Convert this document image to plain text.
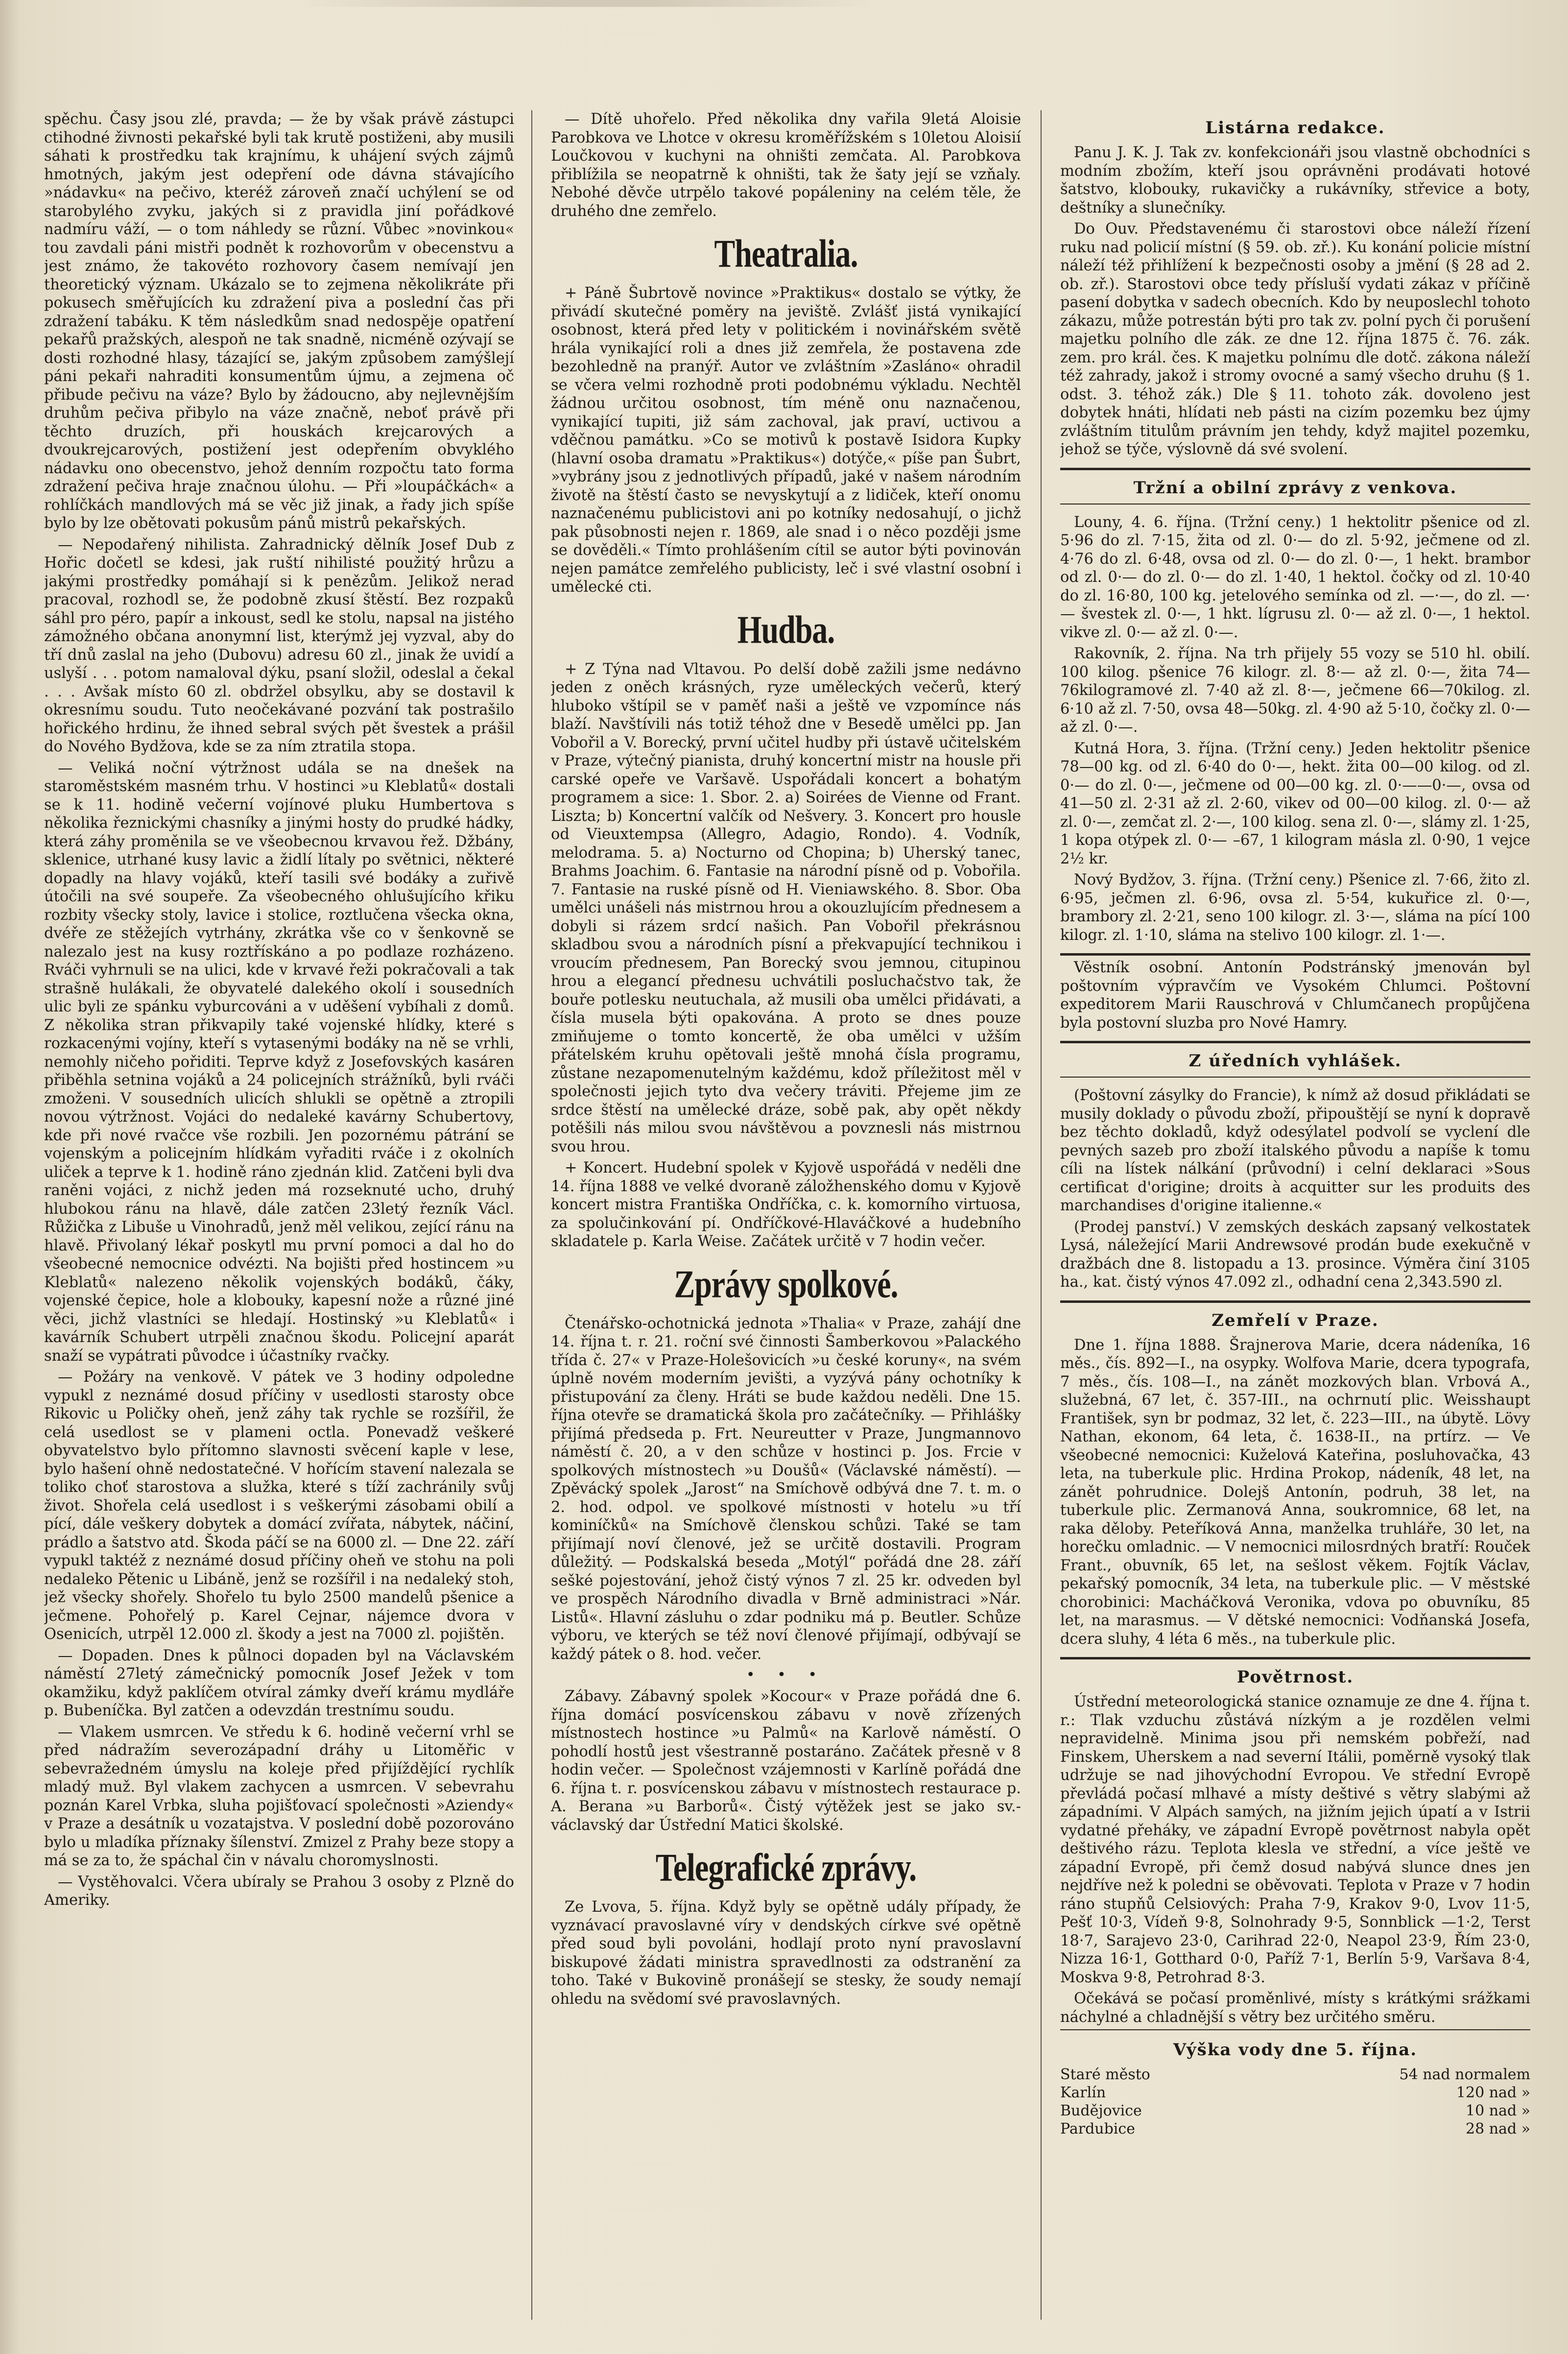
spěchu. Časy jsou zlé, pravda; — že by však právě zástupci ctihodné živnosti pekařské byli tak krutě postiženi, aby musili sáhati k prostředku tak krajnímu, k uhájení svých zájmů hmotných, jakým jest odepření ode dávna stávajícího »nádavku« na pečivo, kteréž zároveň značí uchýlení se od starobylého zvyku, jakých si z pravidla jiní pořádkové nadmíru váží, — o tom náhledy se různí. Vůbec »novinkou« tou zavdali páni mistři podnět k rozhovorům v obecenstvu a jest známo, že takovéto rozhovory časem nemívají jen theoretický význam. Ukázalo se to zejmena několikráte při pokusech směřujících ku zdražení piva a poslední čas při zdražení tabáku. K těm následkům snad nedospěje opatření pekařů pražských, alespoň ne tak snadně, nicméně ozývají se dosti rozhodné hlasy, tázající se, jakým způsobem zamýšlejí páni pekaři nahraditi konsumentům újmu, a zejmena oč přibude pečivu na váze? Bylo by žádoucno, aby nejlevnějším druhům pečiva přibylo na váze značně, neboť právě při těchto druzích, při houskách krejcarových a dvoukrejcarových, postižení jest odepřením obvyklého nádavku ono obecenstvo, jehož denním rozpočtu tato forma zdražení pečiva hraje značnou úlohu. — Při »loupáčkách« a rohlíčkách mandlových má se věc již jinak, a řady jich spíše bylo by lze obětovati pokusům pánů mistrů pekařských.

— Nepodařený nihilista. Zahradnický dělník Josef Dub z Hořic dočetl se kdesi, jak ruští nihilisté použitý hrůzu a jakými prostředky pomáhají si k penězům. Jelikož nerad pracoval, rozhodl se, že podobně zkusí štěstí. Bez rozpaků sáhl pro péro, papír a inkoust, sedl ke stolu, napsal na jistého zámožného občana anonymní list, kterýmž jej vyzval, aby do tří dnů zaslal na jeho (Dubovu) adresu 60 zl., jinak že uvidí a uslyší . . . potom namaloval dýku, psaní složil, odeslal a čekal . . . Avšak místo 60 zl. obdržel obsylku, aby se dostavil k okresnímu soudu. Tuto neočekávané pozvání tak postrašilo hořického hrdinu, že ihned sebral svých pět švestek a prášil do Nového Bydžova, kde se za ním ztratila stopa.

— Veliká noční výtržnost udála se na dnešek na staroměstském masném trhu. V hostinci »u Kleblatů« dostali se k 11. hodině večerní vojínové pluku Humbertova s několika řeznickými chasníky a jinými hosty do prudké hádky, která záhy proměnila se ve všeobecnou krvavou řež. Džbány, sklenice, utrhané kusy lavic a židlí lítaly po světnici, některé dopadly na hlavy vojáků, kteří tasili své bodáky a zuřivě útočili na své soupeře. Za všeobecného ohlušujícího křiku rozbity všecky stoly, lavice i stolice, roztlučena všecka okna, dvéře ze stěžejích vytrhány, zkrátka vše co v šenkovně se nalezalo jest na kusy roztřískáno a po podlaze rozházeno. Rváči vyhrnuli se na ulici, kde v krvavé řeži pokračovali a tak strašně hulákali, že obyvatelé dalekého okolí i sousedních ulic byli ze spánku vyburcováni a v uděšení vybíhali z domů. Z několika stran přikvapily také vojenské hlídky, které s rozkacenými vojíny, kteří s vytasenými bodáky na ně se vrhli, nemohly ničeho pořiditi. Teprve když z Josefovských kasáren přiběhla setnina vojáků a 24 policejních strážníků, byli rváči zmoženi. V sousedních ulicích shlukli se opětně a ztropili novou výtržnost. Vojáci do nedaleké kavárny Schubertovy, kde při nové rvačce vše rozbili. Jen pozornému pátrání se vojenským a policejním hlídkám vyřaditi rváče i z okolních uliček a teprve k 1. hodině ráno zjednán klid. Zatčeni byli dva raněni vojáci, z nichž jeden má rozseknuté ucho, druhý hlubokou ránu na hlavě, dále zatčen 23letý řezník Václ. Růžička z Libuše u Vinohradů, jenž měl velikou, zející ránu na hlavě. Přivolaný lékař poskytl mu první pomoci a dal ho do všeobecné nemocnice odvézti. Na bojišti před hostincem »u Kleblatů« nalezeno několik vojenských bodáků, čáky, vojenské čepice, hole a klobouky, kapesní nože a různé jiné věci, jichž vlastníci se hledají. Hostinský »u Kleblatů« i kavárník Schubert utrpěli značnou škodu. Policejní aparát snaží se vypátrati původce i účastníky rvačky.

— Požáry na venkově. V pátek ve 3 hodiny odpoledne vypukl z neznámé dosud příčiny v usedlosti starosty obce Rikovic u Poličky oheň, jenž záhy tak rychle se rozšířil, že celá usedlost se v plameni octla. Ponevadž veškeré obyvatelstvo bylo přítomno slavnosti svěcení kaple v lese, bylo hašení ohně nedostatečné. V hořícím stavení nalezala se toliko choť starostova a služka, které s tíží zachránily svůj život. Shořela celá usedlost i s veškerými zásobami obilí a pící, dále veškery dobytek a domácí zvířata, nábytek, náčiní, prádlo a šatstvo atd. Škoda páčí se na 6000 zl. — Dne 22. září vypukl taktéž z neznámé dosud příčiny oheň ve stohu na poli nedaleko Pětenic u Libáně, jenž se rozšířil i na nedaleký stoh, jež všecky shořely. Shořelo tu bylo 2500 mandelů pšenice a ječmene. Pohořelý p. Karel Cejnar, nájemce dvora v Osenicích, utrpěl 12.000 zl. škody a jest na 7000 zl. pojištěn.

— Dopaden. Dnes k půlnoci dopaden byl na Václavském náměstí 27letý zámečnický pomocník Josef Ježek v tom okamžiku, když paklíčem otvíral zámky dveří krámu mydláře p. Bubeníčka. Byl zatčen a odevzdán trestnímu soudu.

— Vlakem usmrcen. Ve středu k 6. hodině večerní vrhl se před nádražím severozápadní dráhy u Litoměřic v sebevražedném úmyslu na koleje před přijíždějící rychlík mladý muž. Byl vlakem zachycen a usmrcen. V sebevrahu poznán Karel Vrbka, sluha pojišťovací společnosti »Aziendy« v Praze a desátník u vozatajstva. V poslední době pozorováno bylo u mladíka příznaky šílenství. Zmizel z Prahy beze stopy a má se za to, že spáchal čin v návalu choromyslnosti.

— Vystěhovalci. Včera ubíraly se Prahou 3 osoby z Plzně do Ameriky.

— Dítě uhořelo. Před několika dny vařila 9letá Aloisie Parobkova ve Lhotce v okresu kroměřížském s 10letou Aloisií Loučkovou v kuchyni na ohništi zemčata. Al. Parobkova přiblížila se neopatrně k ohništi, tak že šaty její se vzňaly. Nebohé děvče utrpělo takové popáleniny na celém těle, že druhého dne zemřelo.

Theatralia.

+ Páně Šubrtově novince »Praktikus« dostalo se výtky, že přivádí skutečné poměry na jeviště. Zvlášť jistá vynikající osobnost, která před lety v politickém i novinářském světě hrála vynikající roli a dnes již zemřela, že postavena zde bezohledně na pranýř. Autor ve zvláštním »Zasláno« ohradil se včera velmi rozhodně proti podobnému výkladu. Nechtěl žádnou určitou osobnost, tím méně onu naznačenou, vynikající tupiti, již sám zachoval, jak praví, uctivou a vděčnou památku. »Co se motivů k postavě Isidora Kupky (hlavní osoba dramatu »Praktikus«) dotýče,« píše pan Šubrt, »vybrány jsou z jednotlivých případů, jaké v našem národním životě na štěstí často se nevyskytují a z lidiček, kteří onomu naznačenému publicistovi ani po kotníky nedosahují, o jichž pak působnosti nejen r. 1869, ale snad i o něco později jsme se dověděli.« Tímto prohlášením cítil se autor býti povinován nejen památce zemřelého publicisty, leč i své vlastní osobní i umělecké cti.

Hudba.

+ Z Týna nad Vltavou. Po delší době zažili jsme nedávno jeden z oněch krásných, ryze uměleckých večerů, který hluboko vštípil se v paměť naši a ještě ve vzpomínce nás blaží. Navštívili nás totiž téhož dne v Besedě umělci pp. Jan Vobořil a V. Borecký, první učitel hudby při ústavě učitelském v Praze, výtečný pianista, druhý koncertní mistr na housle při carské opeře ve Varšavě. Uspořádali koncert a bohatým programem a sice: 1. Sbor. 2. a) Soirées de Vienne od Frant. Liszta; b) Koncertní valčík od Nešvery. 3. Koncert pro housle od Vieuxtempsa (Allegro, Adagio, Rondo). 4. Vodník, melodrama. 5. a) Nocturno od Chopina; b) Uherský tanec, Brahms Joachim. 6. Fantasie na národní písně od p. Vobořila. 7. Fantasie na ruské písně od H. Vieniawského. 8. Sbor. Oba umělci unášeli nás mistrnou hrou a okouzlujícím přednesem a dobyli si rázem srdcí našich. Pan Vobořil překrásnou skladbou svou a národních písní a překvapující technikou i vroucím přednesem, Pan Borecký svou jemnou, citupinou hrou a elegancí přednesu uchvátili posluchačstvo tak, že bouře potlesku neutuchala, až musili oba umělci přidávati, a čísla musela býti opakována. A proto se dnes pouze zmiňujeme o tomto koncertě, že oba umělci v užším přátelském kruhu opětovali ještě mnohá čísla programu, zůstane nezapomenutelným každému, kdož příležitost měl v společnosti jejich tyto dva večery tráviti. Přejeme jim ze srdce štěstí na umělecké dráze, sobě pak, aby opět někdy potěšili nás milou svou návštěvou a povznesli nás mistrnou svou hrou.

+ Koncert. Hudební spolek v Kyjově uspořádá v neděli dne 14. října 1888 ve velké dvoraně záložhenského domu v Kyjově koncert mistra Františka Ondříčka, c. k. komorního virtuosa, za spolučinkování pí. Ondříčkové-Hlaváčkové a hudebního skladatele p. Karla Weise. Začátek určitě v 7 hodin večer.

Zprávy spolkové.

Čtenářsko-ochotnická jednota »Thalia« v Praze, zahájí dne 14. října t. r. 21. roční své činnosti Šamberkovou »Palackého třída č. 27« v Praze-Holešovicích »u české koruny«, na svém úplně novém moderním jevišti, a vyzývá pány ochotníky k přistupování za členy. Hráti se bude každou neděli. Dne 15. října otevře se dramatická škola pro začátečníky. — Přihlášky přijímá předseda p. Frt. Neureutter v Praze, Jungmannovo náměstí č. 20, a v den schůze v hostinci p. Jos. Frcie v spolkových místnostech »u Doušů« (Václavské náměstí). — Zpěvácký spolek „Jarost“ na Smíchově odbývá dne 7. t. m. o 2. hod. odpol. ve spolkové místnosti v hotelu »u tří kominíčků« na Smíchově členskou schůzi. Také se tam přijímají noví členové, jež se určitě dostavili. Program důležitý. — Podskalská beseda „Motýl“ pořádá dne 28. září sešké pojestování, jehož čistý výnos 7 zl. 25 kr. odveden byl ve prospěch Národního divadla v Brně administraci »Nár. Listů«. Hlavní zásluhu o zdar podniku má p. Beutler. Schůze výboru, ve kterých se též noví členové přijímají, odbývají se každý pátek o 8. hod. večer.

• • •

Zábavy. Zábavný spolek »Kocour« v Praze pořádá dne 6. října domácí posvícenskou zábavu v nově zřízených místnostech hostince »u Palmů« na Karlově náměstí. O pohodlí hostů jest všestranně postaráno. Začátek přesně v 8 hodin večer. — Společnost vzájemnosti v Karlíně pořádá dne 6. října t. r. posvícenskou zábavu v místnostech restaurace p. A. Berana »u Barborů«. Čistý výtěžek jest se jako sv.-václavský dar Ústřední Matici školské.

Telegrafické zprávy.

Ze Lvova, 5. října. Když byly se opětně udály případy, že vyznávací pravoslavné víry v dendských církve své opětně před soud byli povoláni, hodlají proto nyní pravoslavní biskupové žádati ministra spravedlnosti za odstranění za toho. Také v Bukovině pronášejí se stesky, že soudy nemají ohledu na svědomí své pravoslavných.

Listárna redakce.

Panu J. K. J. Tak zv. konfekcionáři jsou vlastně obchodníci s modním zbožím, kteří jsou oprávněni prodávati hotové šatstvo, klobouky, rukavičky a rukávníky, střevice a boty, deštníky a slunečníky.

Do Ouv. Představenému či starostovi obce náleží řízení ruku nad policií místní (§ 59. ob. zř.). Ku konání policie místní náleží též přihlížení k bezpečnosti osoby a jmění (§ 28 ad 2. ob. zř.). Starostovi obce tedy přísluší vydati zákaz v příčině pasení dobytka v sadech obecních. Kdo by neuposlechl tohoto zákazu, může potrestán býti pro tak zv. polní pych či porušení majetku polního dle zák. ze dne 12. října 1875 č. 76. zák. zem. pro král. čes. K majetku polnímu dle dotč. zákona náleží též zahrady, jakož i stromy ovocné a samý všecho druhu (§ 1. odst. 3. téhož zák.) Dle § 11. tohoto zák. dovoleno jest dobytek hnáti, hlídati neb pásti na cizím pozemku bez újmy zvláštním titulům právním jen tehdy, když majitel pozemku, jehož se týče, výslovně dá své svolení.

Tržní a obilní zprávy z venkova.

Louny, 4. 6. října. (Tržní ceny.) 1 hektolitr pšenice od zl. 5·96 do zl. 7·15, žita od zl. 0·— do zl. 5·92, ječmene od zl. 4·76 do zl. 6·48, ovsa od zl. 0·— do zl. 0·—, 1 hekt. brambor od zl. 0·— do zl. 0·— do zl. 1·40, 1 hektol. čočky od zl. 10·40 do zl. 16·80, 100 kg. jetelového semínka od zl. —·—, do zl. —·— švestek zl. 0·—, 1 hkt. lígrusu zl. 0·— až zl. 0·—, 1 hektol. vikve zl. 0·— až zl. 0·—.

Rakovník, 2. října. Na trh přijely 55 vozy se 510 hl. obilí. 100 kilog. pšenice 76 kilogr. zl. 8·— až zl. 0·—, žita 74—76kilogramové zl. 7·40 až zl. 8·—, ječmene 66—70kilog. zl. 6·10 až zl. 7·50, ovsa 48—50kg. zl. 4·90 až 5·10, čočky zl. 0·— až zl. 0·—.

Kutná Hora, 3. října. (Tržní ceny.) Jeden hektolitr pšenice 78—00 kg. od zl. 6·40 do 0·—, hekt. žita 00—00 kilog. od zl. 0·— do zl. 0·—, ječmene od 00—00 kg. zl. 0·——0·—, ovsa od 41—50 zl. 2·31 až zl. 2·60, vikev od 00—00 kilog. zl. 0·— až zl. 0·—, zemčat zl. 2·—, 100 kilog. sena zl. 0·—, slámy zl. 1·25, 1 kopa otýpek zl. 0·— –67, 1 kilogram másla zl. 0·90, 1 vejce 2½ kr.

Nový Bydžov, 3. října. (Tržní ceny.) Pšenice zl. 7·66, žito zl. 6·95, ječmen zl. 6·96, ovsa zl. 5·54, kukuřice zl. 0·—, brambory zl. 2·21, seno 100 kilogr. zl. 3·—, sláma na pící 100 kilogr. zl. 1·10, sláma na stelivo 100 kilogr. zl. 1·—.

Věstník osobní. Antonín Podstránský jmenován byl poštovním výpravčím ve Vysokém Chlumci. Poštovní expeditorem Marii Rauschrová v Chlumčanech propůjčena byla postovní sluzba pro Nové Hamry.

Z úředních vyhlášek.

(Poštovní zásylky do Francie), k nímž až dosud přikládati se musily doklady o původu zboží, připouštějí se nyní k dopravě bez těchto dokladů, když odesýlatel podvolí se vyclení dle pevných sazeb pro zboží italského původu a napíše k tomu cíli na lístek nálkání (průvodní) i celní deklaraci »Sous certificat d'origine; droits à acquitter sur les produits des marchandises d'origine italienne.«

(Prodej panství.) V zemských deskách zapsaný velkostatek Lysá, náležející Marii Andrewsové prodán bude exekučně v dražbách dne 8. listopadu a 13. prosince. Výměra činí 3105 ha., kat. čistý výnos 47.092 zl., odhadní cena 2,343.590 zl.

Zemřelí v Praze.

Dne 1. října 1888. Šrajnerova Marie, dcera nádeníka, 16 měs., čís. 892—I., na osypky. Wolfova Marie, dcera typografa, 7 měs., čís. 108—I., na zánět mozkových blan. Vrbová A., služebná, 67 let, č. 357-III., na ochrnutí plic. Weisshaupt František, syn br podmaz, 32 let, č. 223—III., na úbytě. Lövy Nathan, ekonom, 64 leta, č. 1638-II., na prtírz. — Ve všeobecné nemocnici: Kuželová Kateřina, posluhovačka, 43 leta, na tuberkule plic. Hrdina Prokop, nádeník, 48 let, na zánět pohrudnice. Dolejš Antonín, podruh, 38 let, na tuberkule plic. Zermanová Anna, soukromnice, 68 let, na raka děloby. Peteříková Anna, manželka truhláře, 30 let, na horečku omladnic. — V nemocnici milosrdných bratří: Rouček Frant., obuvník, 65 let, na sešlost věkem. Fojtík Václav, pekařský pomocník, 34 leta, na tuberkule plic. — V městské chorobinici: Macháčková Veronika, vdova po obuvníku, 85 let, na marasmus. — V dětské nemocnici: Vodňanská Josefa, dcera sluhy, 4 léta 6 měs., na tuberkule plic.

Povětrnost.

Ústřední meteorologická stanice oznamuje ze dne 4. října t. r.: Tlak vzduchu zůstává nízkým a je rozdělen velmi nepravidelně. Minima jsou při nemském pobřeží, nad Finskem, Uherskem a nad severní Itálii, poměrně vysoký tlak udržuje se nad jihovýchodní Evropou. Ve střední Evropě převládá počasí mlhavé a místy deštivé s větry slabými až západními. V Alpách samých, na jižním jejich úpatí a v Istrii vydatné přeháky, ve západní Evropě povětrnost nabyla opět deštivého rázu. Teplota klesla ve střední, a více ještě ve západní Evropě, při čemž dosud nabývá slunce dnes jen nejdříve než k poledni se oběvovati. Teplota v Praze v 7 hodin ráno stupňů Celsiových: Praha 7·9, Krakov 9·0, Lvov 11·5, Pešť 10·3, Vídeň 9·8, Solnohrady 9·5, Sonnblick —1·2, Terst 18·7, Sarajevo 23·0, Carihrad 22·0, Neapol 23·9, Řím 23·0, Nizza 16·1, Gotthard 0·0, Paříž 7·1, Berlín 5·9, Varšava 8·4, Moskva 9·8, Petrohrad 8·3.

Očekává se počasí proměnlivé, místy s krátkými srážkami náchylné a chladnější s větry bez určitého směru.

Výška vody dne 5. října.
Staré město	54 nad normalem
Karlín	120 nad »
Budějovice	10 nad »
Pardubice	28 nad »
